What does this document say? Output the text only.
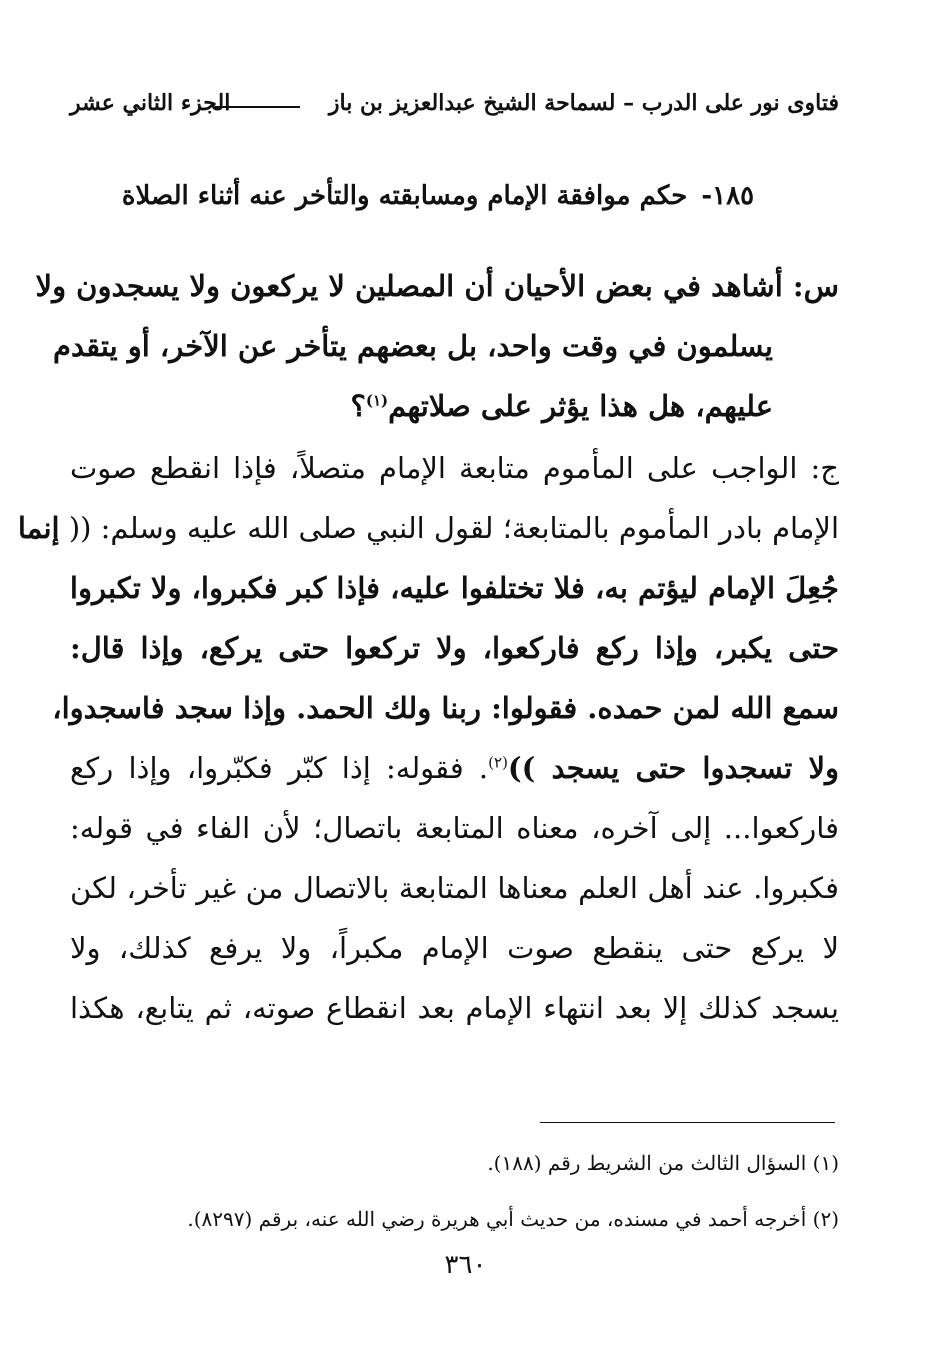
فتاوى نور على الدرب – لسماحة الشيخ عبدالعزيز بن باز
الجزء الثاني عشر
١٨٥-حكم موافقة الإمام ومسابقته والتأخر عنه أثناء الصلاة
س: أشاهد في بعض الأحيان أن المصلين لا يركعون ولا يسجدون ولا
يسلمون في وقت واحد، بل بعضهم يتأخر عن الآخر، أو يتقدم
عليهم، هل هذا يؤثر على صلاتهم$^{(١)}$؟
ج: الواجب على المأموم متابعة الإمام متصلاً، فإذا انقطع صوت
الإمام بادر المأموم بالمتابعة؛ لقول النبي صلى الله عليه وسلم: (( إنما
جُعِلَ الإمام ليؤتم به، فلا تختلفوا عليه، فإذا كبر فكبروا، ولا تكبروا
حتى يكبر، وإذا ركع فاركعوا، ولا تركعوا حتى يركع، وإذا قال:
سمع الله لمن حمده. فقولوا: ربنا ولك الحمد. وإذا سجد فاسجدوا،
ولا تسجدوا حتى يسجد ))$^{(٢)}$. فقوله: إذا كبّر فكبّروا، وإذا ركع
فاركعوا... إلى آخره، معناه المتابعة باتصال؛ لأن الفاء في قوله:
فكبروا. عند أهل العلم معناها المتابعة بالاتصال من غير تأخر، لكن
لا يركع حتى ينقطع صوت الإمام مكبراً، ولا يرفع كذلك، ولا
يسجد كذلك إلا بعد انتهاء الإمام بعد انقطاع صوته، ثم يتابع، هكذا
(١) السؤال الثالث من الشريط رقم (١٨٨).
(٢) أخرجه أحمد في مسنده، من حديث أبي هريرة رضي الله عنه، برقم (٨٢٩٧).
٣٦٠
